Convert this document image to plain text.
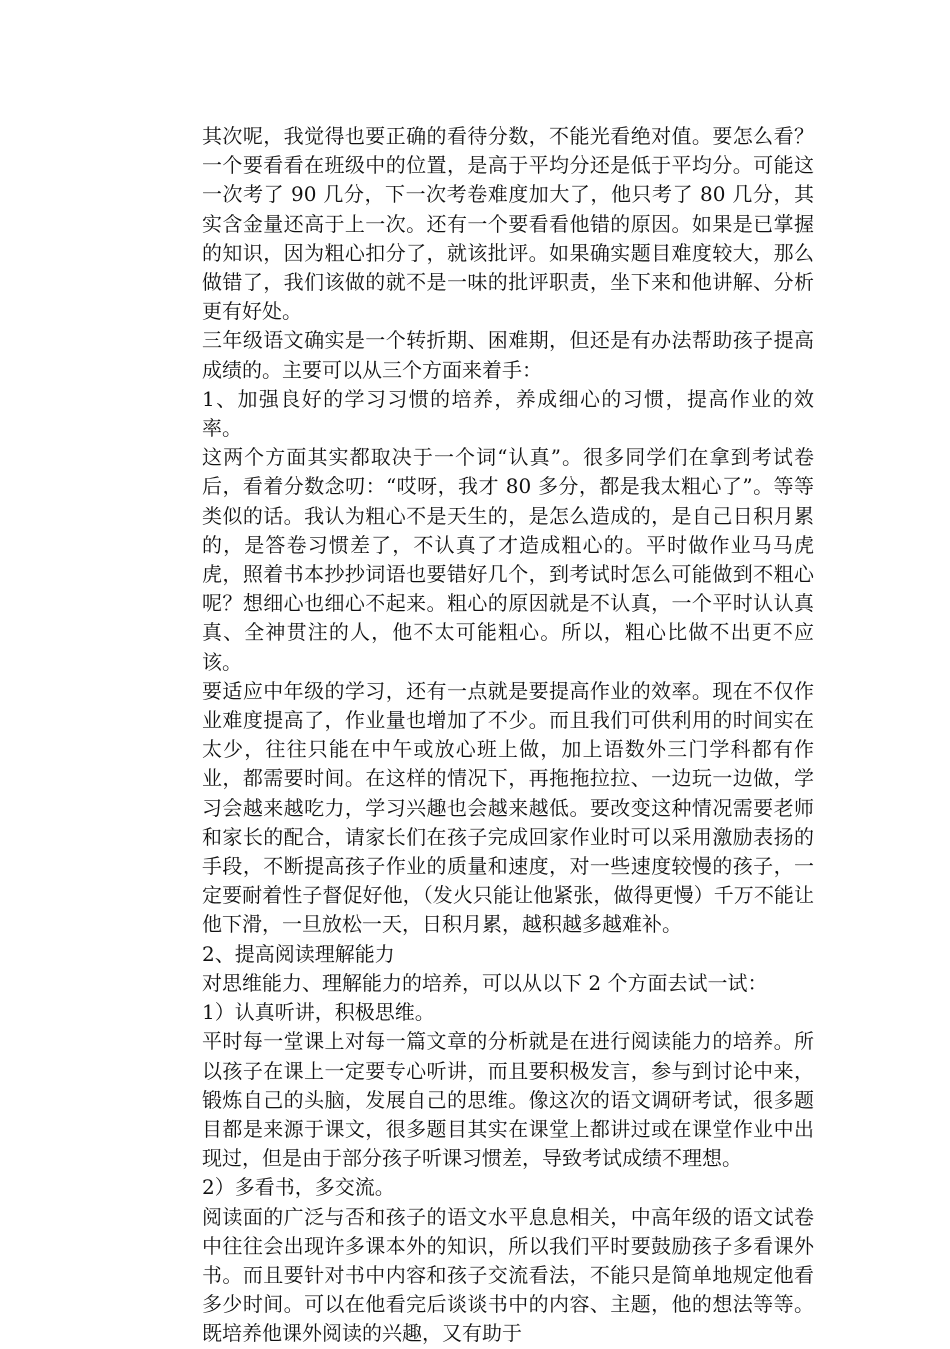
其次呢，我觉得也要正确的看待分数，不能光看绝对值。要怎么看？一个要看看在班级中的位置，是高于平均分还是低于平均分。可能这一次考了 90 几分，下一次考卷难度加大了，他只考了 80 几分，其实含金量还高于上一次。还有一个要看看他错的原因。如果是已掌握的知识，因为粗心扣分了，就该批评。如果确实题目难度较大，那么做错了，我们该做的就不是一味的批评职责，坐下来和他讲解、分析更有好处。

三年级语文确实是一个转折期、困难期，但还是有办法帮助孩子提高成绩的。主要可以从三个方面来着手：

1、加强良好的学习习惯的培养，养成细心的习惯，提高作业的效率。

这两个方面其实都取决于一个词“认真”。很多同学们在拿到考试卷后，看着分数念叨：“哎呀，我才 80 多分，都是我太粗心了”。等等类似的话。我认为粗心不是天生的，是怎么造成的，是自己日积月累的，是答卷习惯差了，不认真了才造成粗心的。平时做作业马马虎虎，照着书本抄抄词语也要错好几个，到考试时怎么可能做到不粗心呢？想细心也细心不起来。粗心的原因就是不认真，一个平时认认真真、全神贯注的人，他不太可能粗心。所以，粗心比做不出更不应该。

要适应中年级的学习，还有一点就是要提高作业的效率。现在不仅作业难度提高了，作业量也增加了不少。而且我们可供利用的时间实在太少，往往只能在中午或放心班上做，加上语数外三门学科都有作业，都需要时间。在这样的情况下，再拖拖拉拉、一边玩一边做，学习会越来越吃力，学习兴趣也会越来越低。要改变这种情况需要老师和家长的配合，请家长们在孩子完成回家作业时可以采用激励表扬的手段，不断提高孩子作业的质量和速度，对一些速度较慢的孩子，一定要耐着性子督促好他，（发火只能让他紧张，做得更慢）千万不能让他下滑，一旦放松一天，日积月累，越积越多越难补。

2、提高阅读理解能力

对思维能力、理解能力的培养，可以从以下 2 个方面去试一试：

1）认真听讲，积极思维。

平时每一堂课上对每一篇文章的分析就是在进行阅读能力的培养。所以孩子在课上一定要专心听讲，而且要积极发言，参与到讨论中来，锻炼自己的头脑，发展自己的思维。像这次的语文调研考试，很多题目都是来源于课文，很多题目其实在课堂上都讲过或在课堂作业中出现过，但是由于部分孩子听课习惯差，导致考试成绩不理想。

2）多看书，多交流。

阅读面的广泛与否和孩子的语文水平息息相关，中高年级的语文试卷中往往会出现许多课本外的知识，所以我们平时要鼓励孩子多看课外书。而且要针对书中内容和孩子交流看法，不能只是简单地规定他看多少时间。可以在他看完后谈谈书中的内容、主题，他的想法等等。既培养他课外阅读的兴趣，又有助于
